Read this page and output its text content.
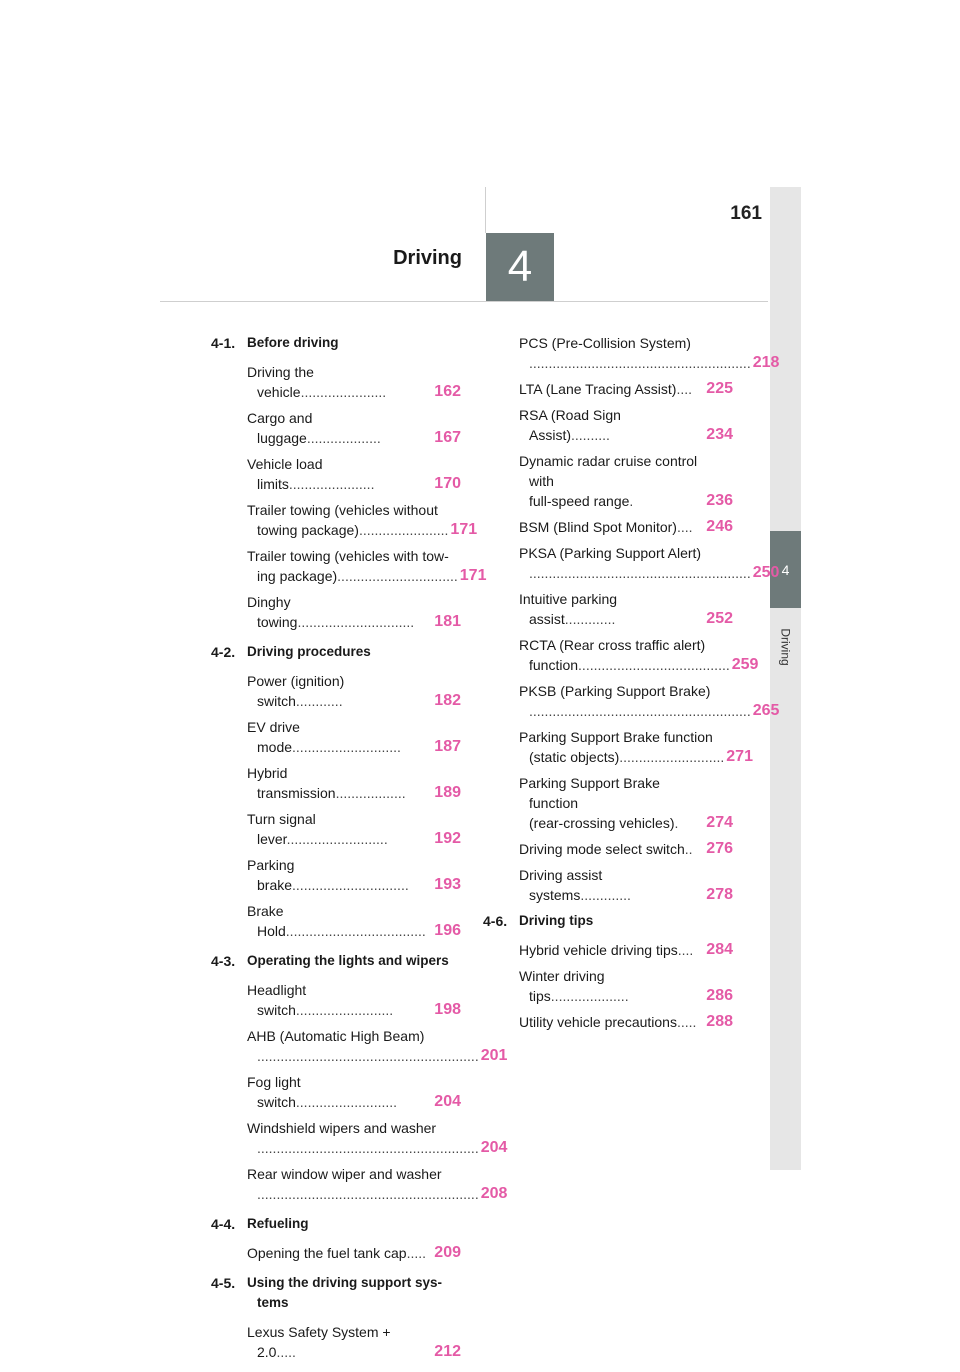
161
Driving	4
4
Driving
4-1. Before driving
Driving the vehicle......................	162
Cargo and luggage...................	167
Vehicle load limits......................	170
Trailer towing (vehicles without
towing package)....................... 171
Trailer towing (vehicles with tow-
ing package)............................... 171
Dinghy towing..............................	181
4-2. Driving procedures
Power (ignition) switch............	182
EV drive mode............................	187
Hybrid transmission..................	189
Turn signal lever..........................	192
Parking brake..............................	193
Brake Hold.................................... 196
4-3. Operating the lights and wipers
Headlight switch.........................	198
AHB (Automatic High Beam)
......................................................... 201
Fog light switch..........................	204
Windshield wipers and washer
......................................................... 204
Rear window wiper and washer
......................................................... 208
4-4. Refueling
Opening the fuel tank cap..... 209
4-5. Using the driving support sys-
tems
Lexus Safety System + 2.0.....	212
PCS (Pre-Collision System)
......................................................... 218
LTA (Lane Tracing Assist).... 225
RSA (Road Sign Assist)..........	234
Dynamic radar cruise control with
full-speed range.	236
BSM (Blind Spot Monitor).... 246
PKSA (Parking Support Alert)
......................................................... 250
Intuitive parking assist.............	252
RCTA (Rear cross traffic alert)
function....................................... 259
PKSB (Parking Support Brake)
......................................................... 265
Parking Support Brake function
(static objects)........................... 271
Parking Support Brake function
(rear-crossing vehicles).	274
Driving mode select switch.. 276
Driving assist systems.............	278
4-6. Driving tips
Hybrid vehicle driving tips.... 284
Winter driving tips....................	286
Utility vehicle precautions..... 288
